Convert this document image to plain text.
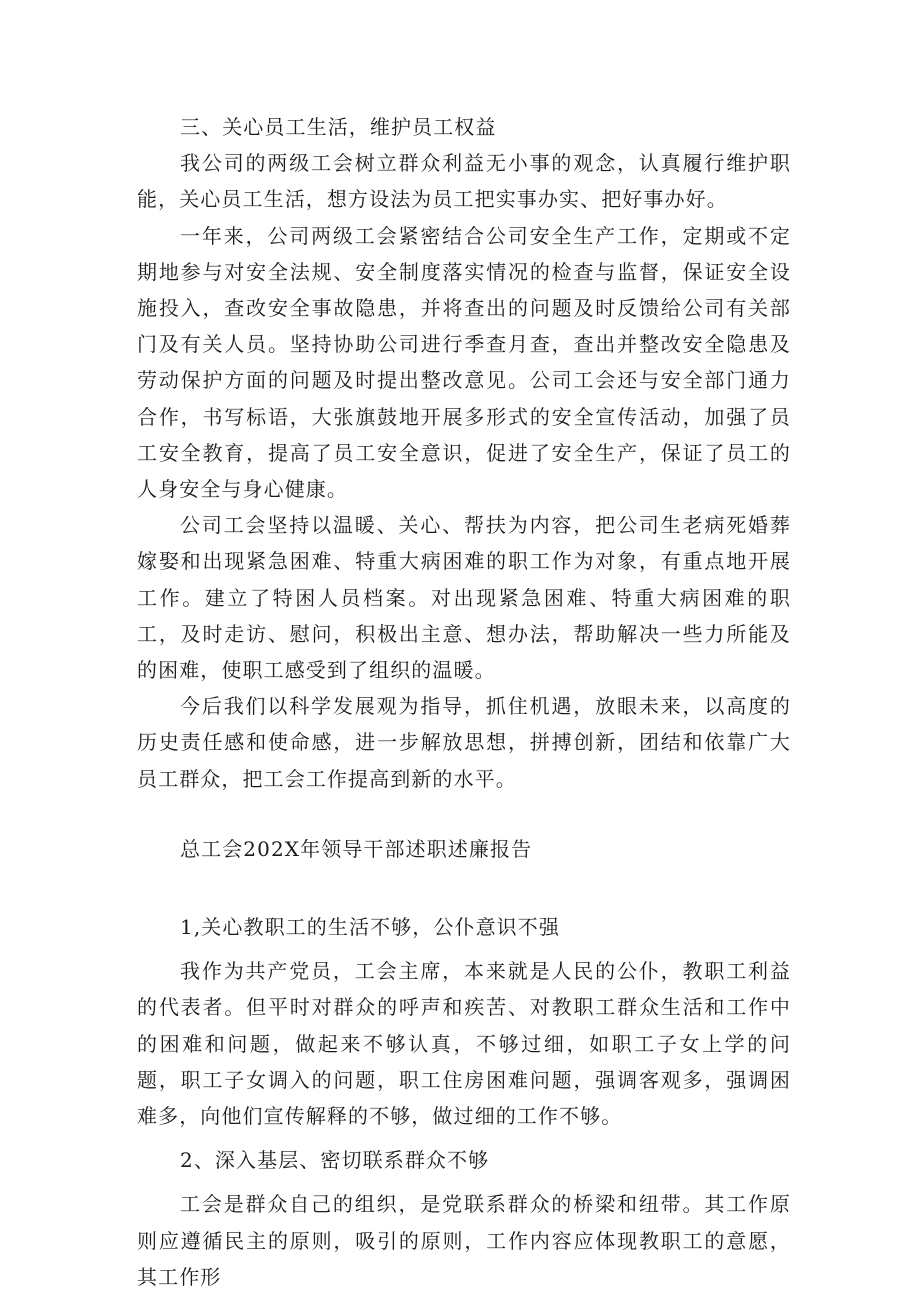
三、关心员工生活，维护员工权益

我公司的两级工会树立群众利益无小事的观念，认真履行维护职能，关心员工生活，想方设法为员工把实事办实、把好事办好。

一年来，公司两级工会紧密结合公司安全生产工作，定期或不定期地参与对安全法规、安全制度落实情况的检查与监督，保证安全设施投入，查改安全事故隐患，并将查出的问题及时反馈给公司有关部门及有关人员。坚持协助公司进行季查月查，查出并整改安全隐患及劳动保护方面的问题及时提出整改意见。公司工会还与安全部门通力合作，书写标语，大张旗鼓地开展多形式的安全宣传活动，加强了员工安全教育，提高了员工安全意识，促进了安全生产，保证了员工的人身安全与身心健康。

公司工会坚持以温暖、关心、帮扶为内容，把公司生老病死婚葬嫁娶和出现紧急困难、特重大病困难的职工作为对象，有重点地开展工作。建立了特困人员档案。对出现紧急困难、特重大病困难的职工，及时走访、慰问，积极出主意、想办法，帮助解决一些力所能及的困难，使职工感受到了组织的温暖。

今后我们以科学发展观为指导，抓住机遇，放眼未来，以高度的历史责任感和使命感，进一步解放思想，拼搏创新，团结和依靠广大员工群众，把工会工作提高到新的水平。

总工会202X年领导干部述职述廉报告

1,关心教职工的生活不够，公仆意识不强

我作为共产党员，工会主席，本来就是人民的公仆，教职工利益的代表者。但平时对群众的呼声和疾苦、对教职工群众生活和工作中的困难和问题，做起来不够认真，不够过细，如职工子女上学的问题，职工子女调入的问题，职工住房困难问题，强调客观多，强调困难多，向他们宣传解释的不够，做过细的工作不够。

2、深入基层、密切联系群众不够

工会是群众自己的组织，是党联系群众的桥梁和纽带。其工作原则应遵循民主的原则，吸引的原则，工作内容应体现教职工的意愿，其工作形
